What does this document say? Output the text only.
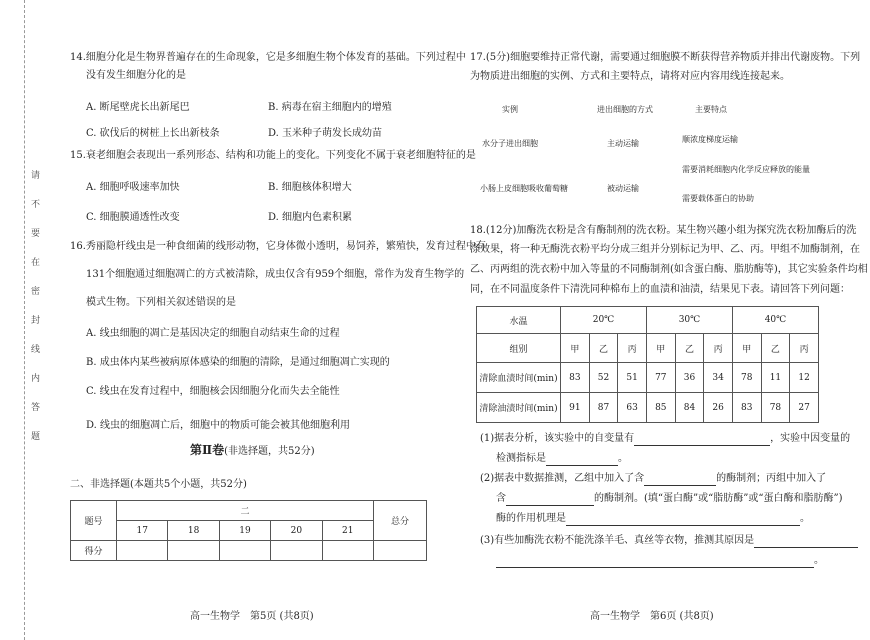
请不要在密封线内答题
14.细胞分化是生物界普遍存在的生命现象，它是多细胞生物个体发育的基础。下列过程中
没有发生细胞分化的是
A. 断尾壁虎长出新尾巴	B. 病毒在宿主细胞内的增殖
C. 砍伐后的树桩上长出新枝条	D. 玉米种子萌发长成幼苗
15.衰老细胞会表现出一系列形态、结构和功能上的变化。下列变化不属于衰老细胞特征的是
A. 细胞呼吸速率加快	B. 细胞核体积增大
C. 细胞膜通透性改变	D. 细胞内色素积累
16.秀丽隐杆线虫是一种食细菌的线形动物，它身体微小透明，易饲养，繁殖快，发育过程中有
131个细胞通过细胞凋亡的方式被清除，成虫仅含有959个细胞，常作为发育生物学的
模式生物。下列相关叙述错误的是
A. 线虫细胞的凋亡是基因决定的细胞自动结束生命的过程
B. 成虫体内某些被病原体感染的细胞的清除，是通过细胞凋亡实现的
C. 线虫在发育过程中，细胞核会因细胞分化而失去全能性
D. 线虫的细胞凋亡后，细胞中的物质可能会被其他细胞利用
第Ⅱ卷(非选择题，共52分)
二、非选择题(本题共5个小题，共52分)
题号	二					总分
	17	18	19	20	21	
得分						
高一生物学　第5页 (共8页)
17.(5分)细胞要维持正常代谢，需要通过细胞膜不断获得营养物质并排出代谢废物。下列
为物质进出细胞的实例、方式和主要特点，请将对应内容用线连接起来。
实例	进出细胞的方式	主要特点
水分子进出细胞	主动运输	顺浓度梯度运输
需要消耗细胞内化学反应释放的能量
小肠上皮细胞吸收葡萄糖	被动运输
需要载体蛋白的协助
18.(12分)加酶洗衣粉是含有酶制剂的洗衣粉。某生物兴趣小组为探究洗衣粉加酶后的洗
涤效果，将一种无酶洗衣粉平均分成三组并分别标记为甲、乙、丙。甲组不加酶制剂，在
乙、丙两组的洗衣粉中加入等量的不同酶制剂(如含蛋白酶、脂肪酶等)，其它实验条件均相
同，在不同温度条件下清洗同种棉布上的血渍和油渍，结果见下表。请回答下列问题：
水温	20℃			30℃			40℃		
组别	甲	乙	丙	甲	乙	丙	甲	乙	丙
清除血渍时间(min)	83	52	51	77	36	34	78	11	12
清除油渍时间(min)	91	87	63	85	84	26	83	78	27
(1)据表分析，该实验中的自变量有	，实验中因变量的
检测指标是	。
(2)据表中数据推测，乙组中加入了含	的酶制剂；丙组中加入了
含	的酶制剂。(填“蛋白酶”或“脂肪酶”或“蛋白酶和脂肪酶”)
酶的作用机理是	。
(3)有些加酶洗衣粉不能洗涤羊毛、真丝等衣物，推测其原因是
。
高一生物学　第6页 (共8页)
